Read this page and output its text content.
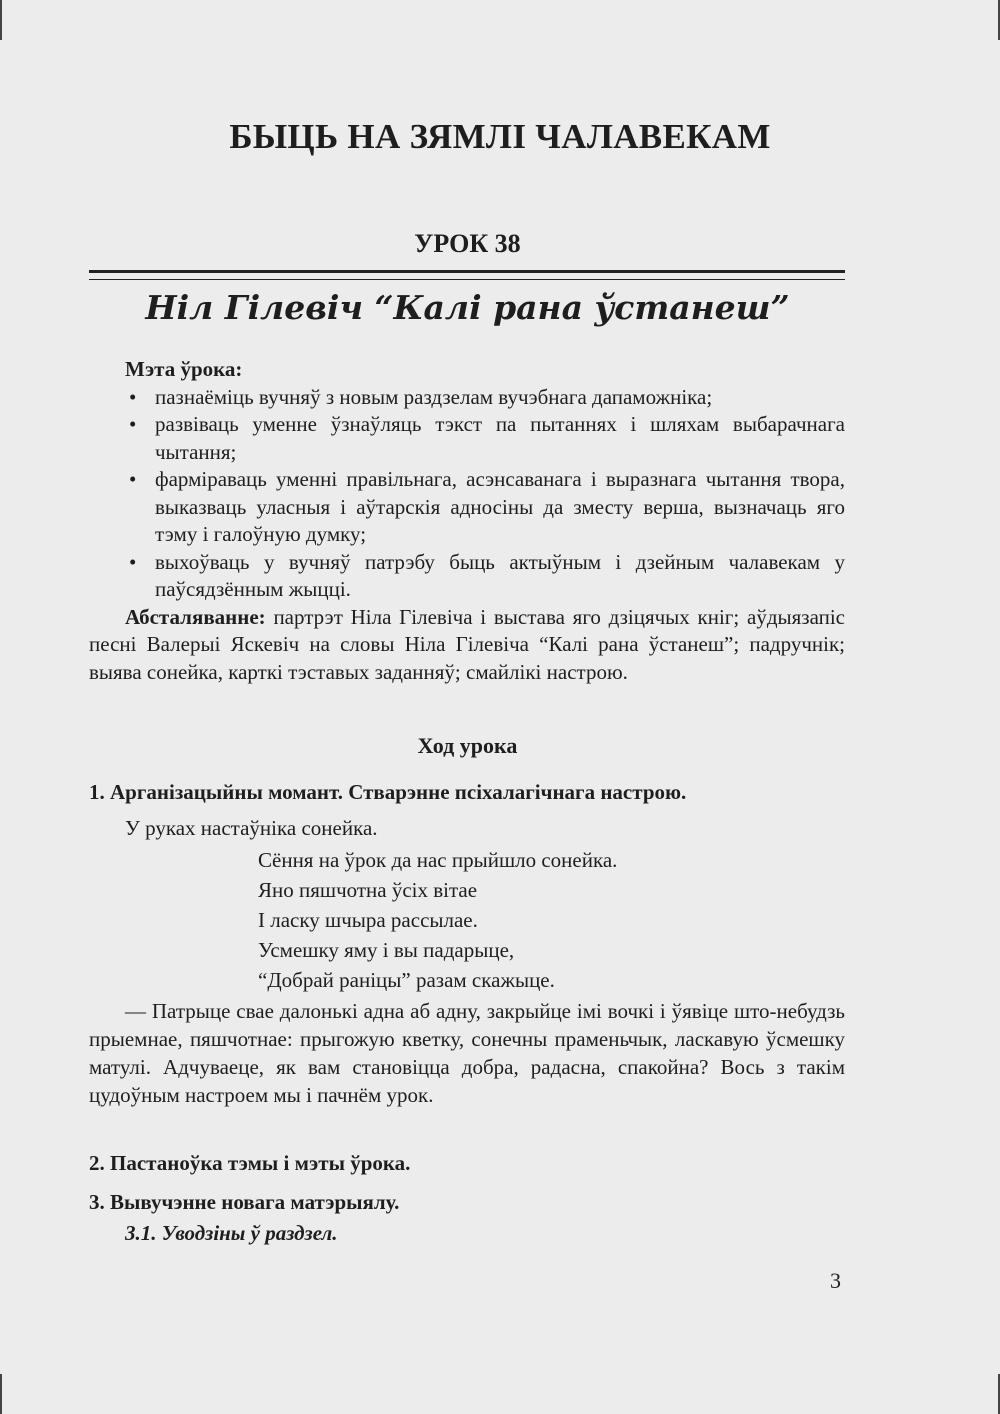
БЫЦЬ НА ЗЯМЛІ ЧАЛАВЕКАМ
УРОК 38
Ніл Гілевіч “Калі рана ўстанеш”
Мэта ўрока:
• пазнаёміць вучняў з новым раздзелам вучэбнага дапаможніка;
• развіваць уменне ўзнаўляць тэкст па пытаннях і шляхам выбарачнага чытання;
• фарміраваць уменні правільнага, асэнсаванага і выразнага чытання твора, выказваць уласныя і аўтарскія адносіны да зместу верша, вызначаць яго тэму і галоўную думку;
• выхоўваць у вучняў патрэбу быць актыўным і дзейным чалавекам у паўсядзённым жыцці.

Абсталяванне: партрэт Ніла Гілевіча і выстава яго дзіцячых кніг; аўдыязапіс песні Валерыі Яскевіч на словы Ніла Гілевіча “Калі рана ўстанеш”; падручнік; выява сонейка, карткі тэставых заданняў; смайлікі настрою.

Ход урока
1. Арганізацыйны момант. Стварэнне псіхалагічнага настрою.
У руках настаўніка сонейка.
Сёння на ўрок да нас прыйшло сонейка.
Яно пяшчотна ўсіх вітае
І ласку шчыра рассылае.
Усмешку яму і вы падарыце,
“Добрай раніцы” разам скажыце.
— Патрыце свае далонькі адна аб адну, закрыйце імі вочкі і ўявіце што-небудзь прыемнае, пяшчотнае: прыгожую кветку, сонечны праменьчык, ласкавую ўсмешку матулі. Адчуваеце, як вам становіцца добра, радасна, спакойна? Вось з такім цудоўным настроем мы і пачнём урок.
2. Пастаноўка тэмы і мэты ўрока.
3. Вывучэнне новага матэрыялу.
3.1. Уводзіны ў раздзел.
3
